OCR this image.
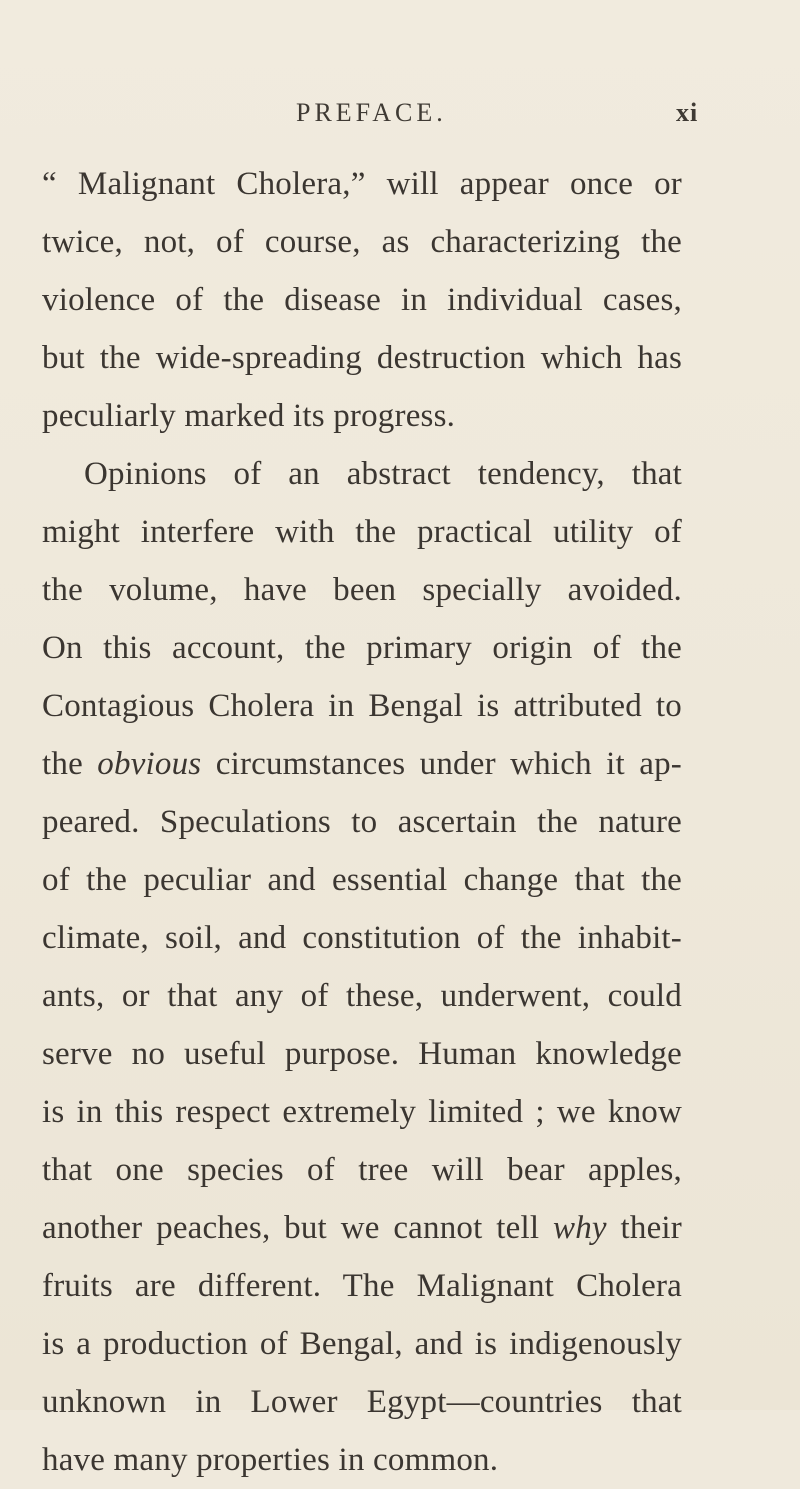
PREFACE.	xi
“ Malignant Cholera,” will appear once or
twice, not, of course, as characterizing the
violence of the disease in individual cases,
but the wide-spreading destruction which has
peculiarly marked its progress.
Opinions of an abstract tendency, that
might interfere with the practical utility of
the volume, have been specially avoided.
On this account, the primary origin of the
Contagious Cholera in Bengal is attributed to
the obvious circumstances under which it ap-
peared. Speculations to ascertain the nature
of the peculiar and essential change that the
climate, soil, and constitution of the inhabit-
ants, or that any of these, underwent, could
serve no useful purpose. Human knowledge
is in this respect extremely limited ; we know
that one species of tree will bear apples,
another peaches, but we cannot tell why their
fruits are different. The Malignant Cholera
is a production of Bengal, and is indigenously
unknown in Lower Egypt—countries that
have many properties in common.
